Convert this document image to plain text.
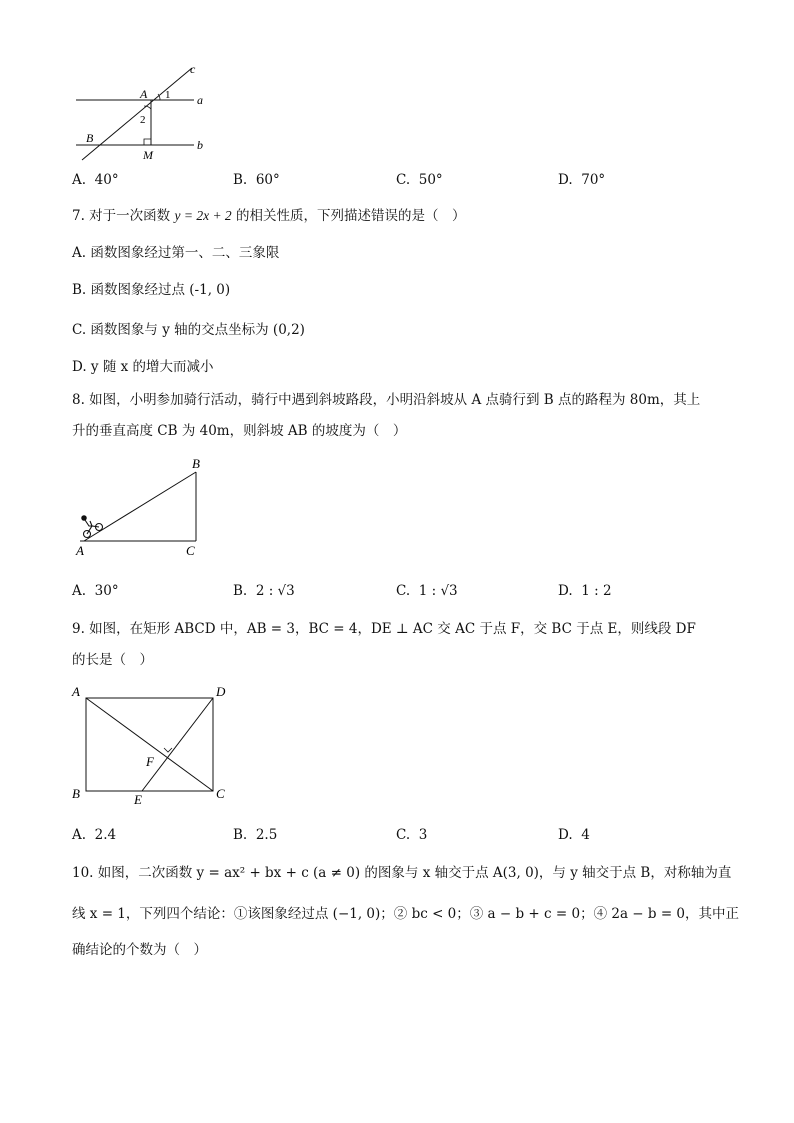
c
a
b
A
B
M
1
2
A. 40°	B. 60°	C. 50°	D. 70°
7. 对于一次函数 y = 2x + 2 的相关性质，下列描述错误的是（　）
A. 函数图象经过第一、二、三象限
B. 函数图象经过点 (-1, 0)
C. 函数图象与 y 轴的交点坐标为 (0,2)
D. y 随 x 的增大而减小
8. 如图，小明参加骑行活动，骑行中遇到斜坡路段，小明沿斜坡从 A 点骑行到 B 点的路程为 80m，其上
升的垂直高度 CB 为 40m，则斜坡 AB 的坡度为（　）
A
B
C
A. 30°	B. 2 : √3	C. 1 : √3	D. 1 : 2
9. 如图，在矩形 ABCD 中，AB = 3，BC = 4，DE ⊥ AC 交 AC 于点 F，交 BC 于点 E，则线段 DF
的长是（　）
A	D
B	C
E
F
A. 2.4	B. 2.5	C. 3	D. 4
10. 如图，二次函数 y = ax² + bx + c (a ≠ 0) 的图象与 x 轴交于点 A(3, 0)，与 y 轴交于点 B，对称轴为直
线 x = 1，下列四个结论：①该图象经过点 (−1, 0)；② bc < 0；③ a − b + c = 0；④ 2a − b = 0，其中正
确结论的个数为（　）
